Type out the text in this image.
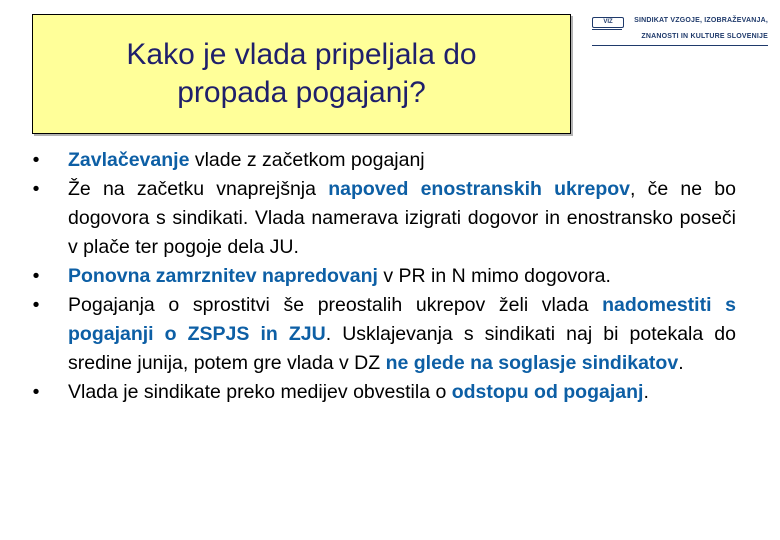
Kako je vlada pripeljala do
propada pogajanj?
VIZ	SINDIKAT VZGOJE, IZOBRAŽEVANJA,
ZNANOSTI IN KULTURE SLOVENIJE
• Zavlačevanje vlade z začetkom pogajanj
• Že na začetku vnaprejšnja napoved enostranskih ukrepov, če ne bo dogovora s sindikati. Vlada namerava izigrati dogovor in enostransko poseči v plače ter pogoje dela JU.
• Ponovna zamrznitev napredovanj v PR in N mimo dogovora.
• Pogajanja o sprostitvi še preostalih ukrepov želi vlada nadomestiti s pogajanji o ZSPJS in ZJU. Usklajevanja s sindikati naj bi potekala do sredine junija, potem gre vlada v DZ ne glede na soglasje sindikatov.
• Vlada je sindikate preko medijev obvestila o odstopu od pogajanj.
